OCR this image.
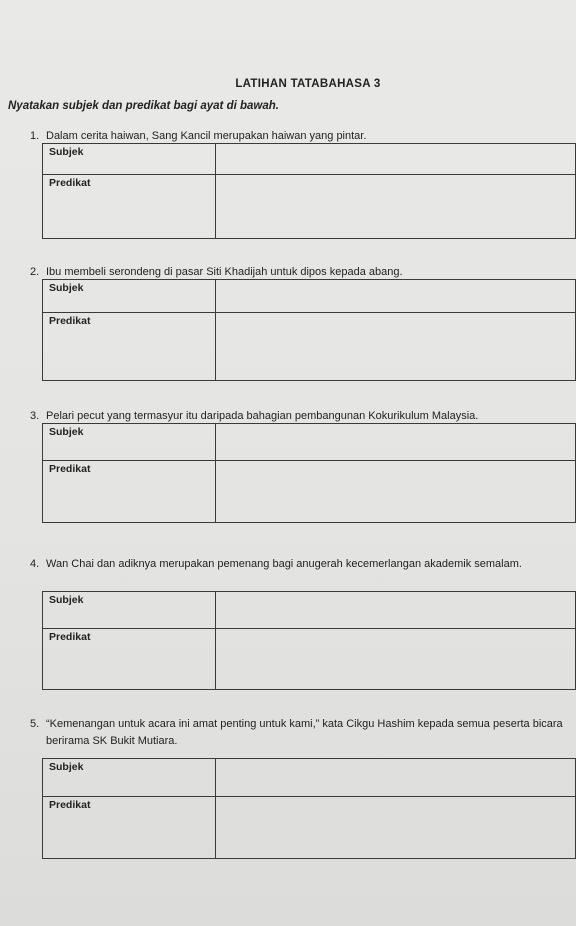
LATIHAN TATABAHASA 3
Nyatakan subjek dan predikat bagi ayat di bawah.
1. Dalam cerita haiwan, Sang Kancil merupakan haiwan yang pintar.
Subjek	
Predikat	
2. Ibu membeli serondeng di pasar Siti Khadijah untuk dipos kepada abang.
Subjek	
Predikat	
3. Pelari pecut yang termasyur itu daripada bahagian pembangunan Kokurikulum Malaysia.
Subjek	
Predikat	
4. Wan Chai dan adiknya merupakan pemenang bagi anugerah kecemerlangan akademik semalam.
Subjek	
Predikat	
5. “Kemenangan untuk acara ini amat penting untuk kami,” kata Cikgu Hashim kepada semua peserta bicara berirama SK Bukit Mutiara.
Subjek	
Predikat	
